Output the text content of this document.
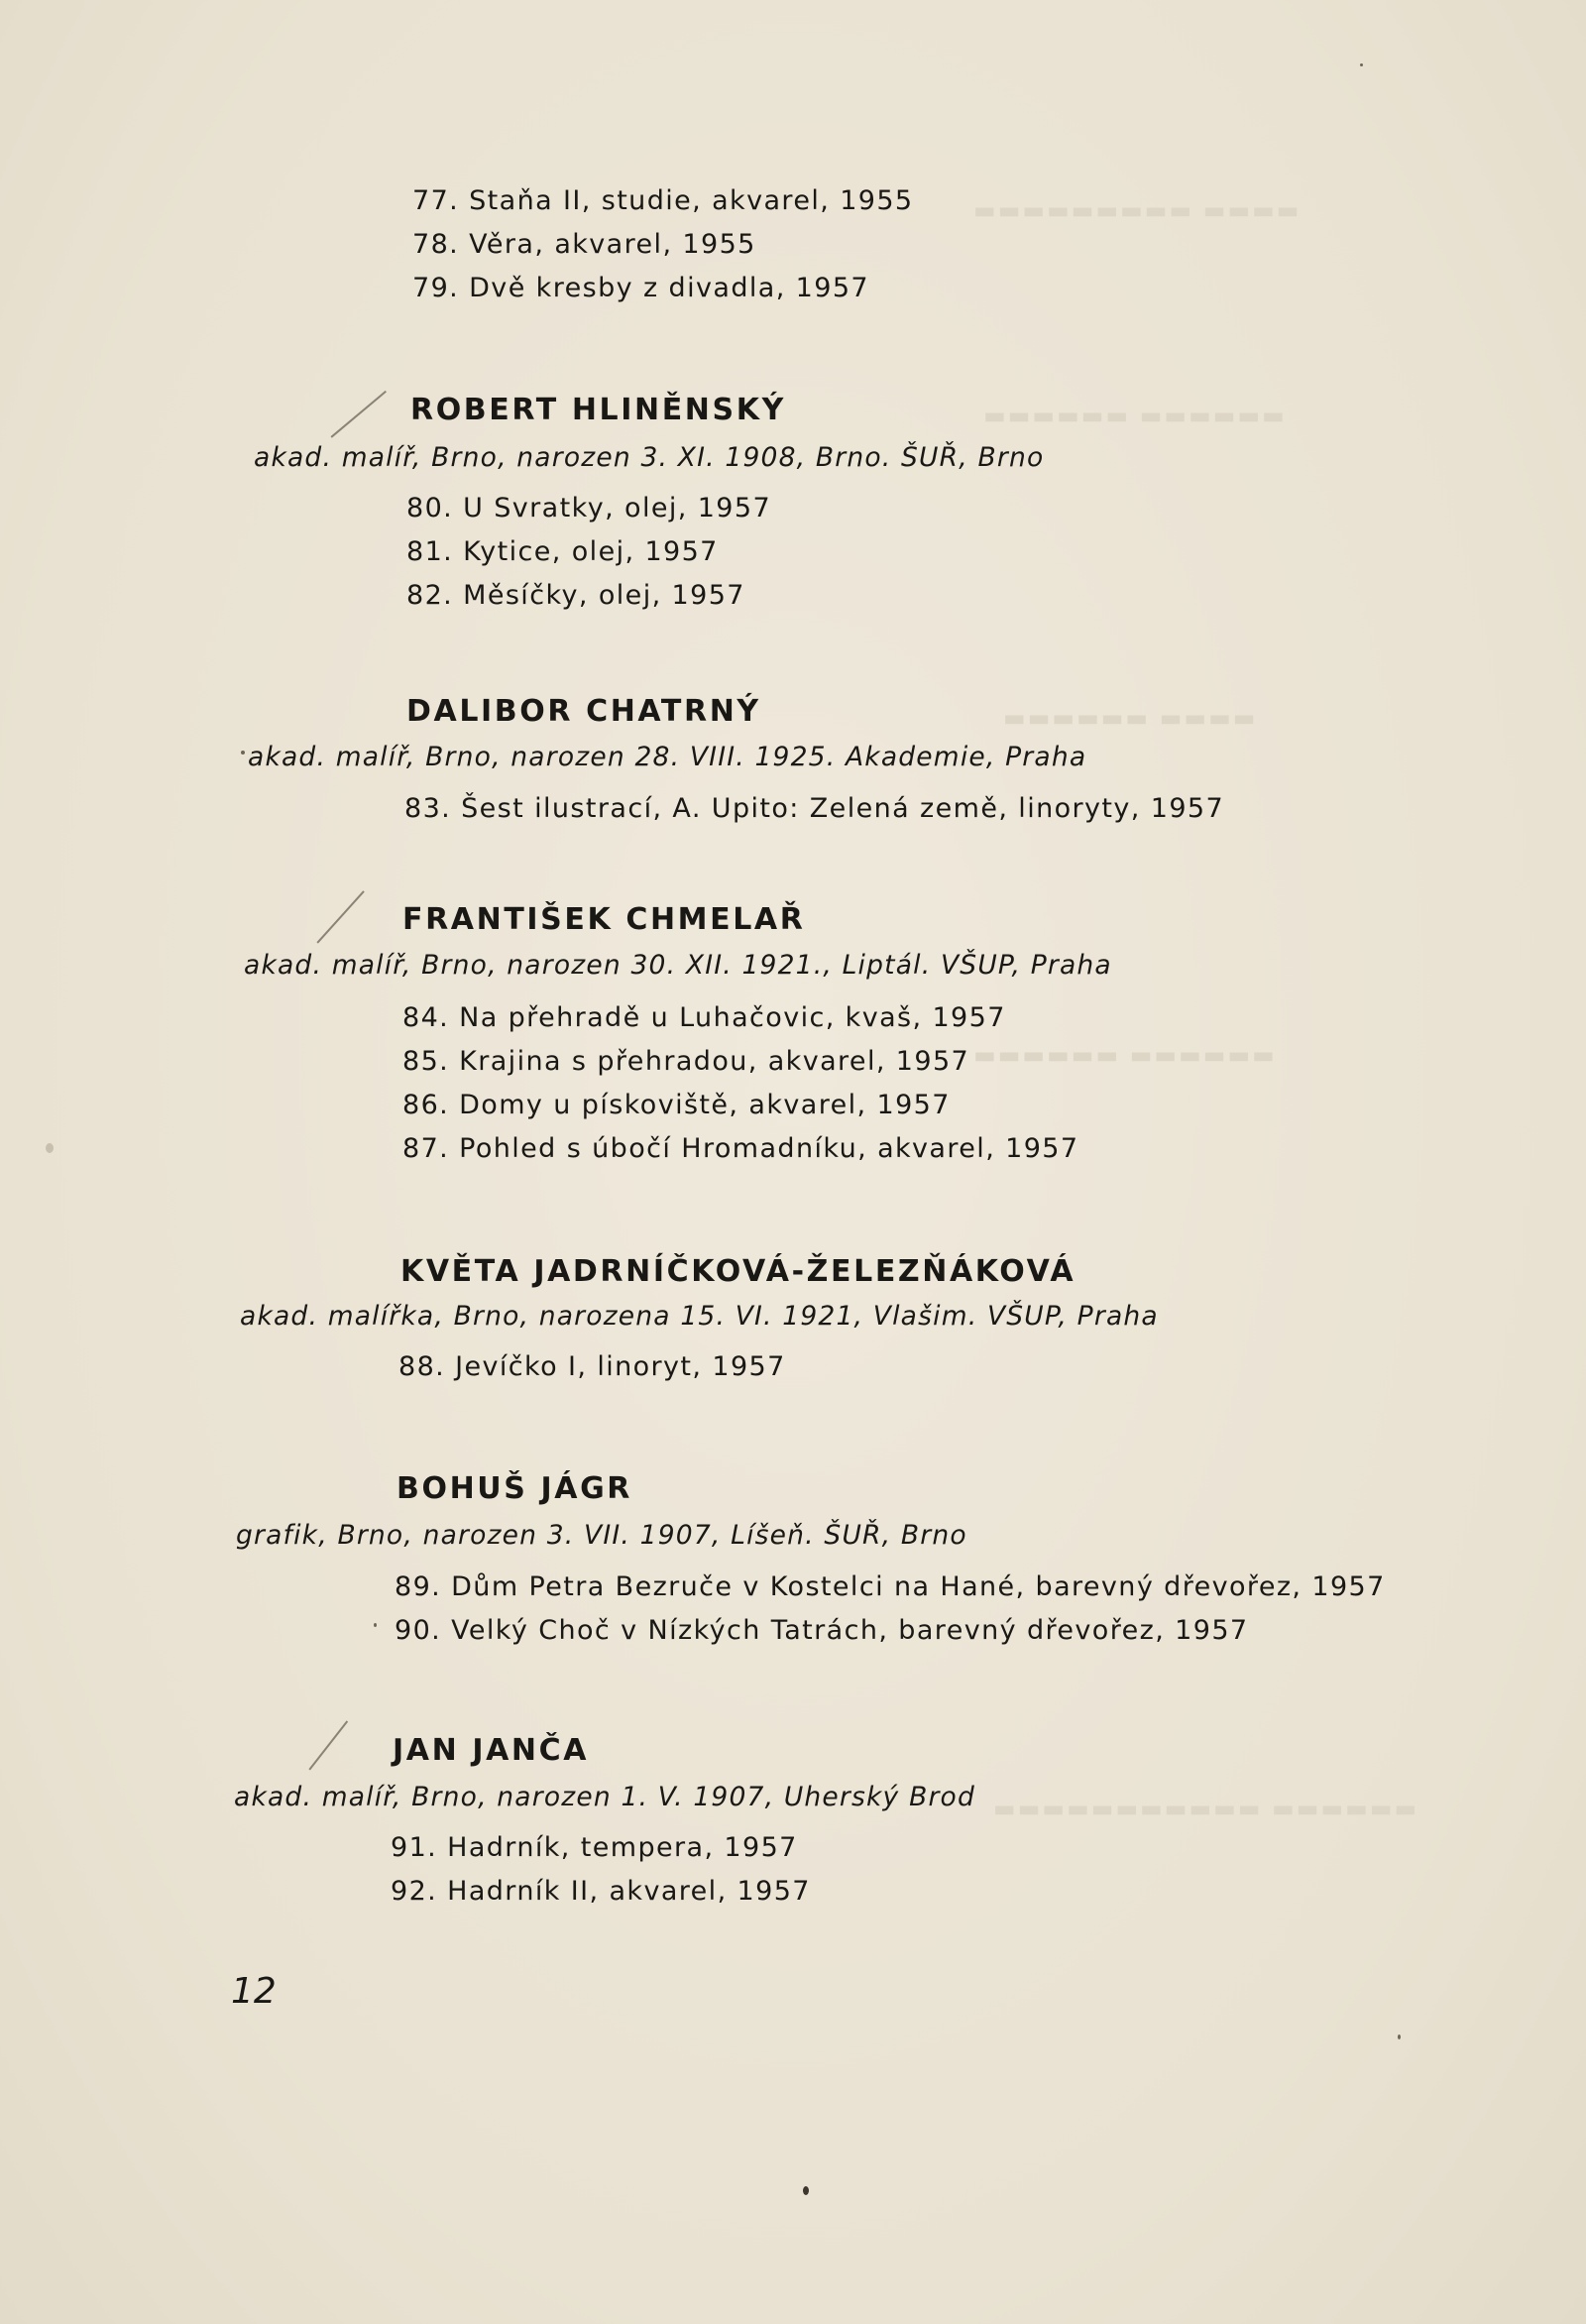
▬▬▬▬ ▬▬▬▬▬▬▬▬▬
▬▬▬▬▬▬ ▬▬▬▬▬▬
▬▬▬▬ ▬▬▬▬▬▬
▬▬▬▬▬▬ ▬▬▬▬▬▬
▬▬▬▬▬▬ ▬▬▬▬▬▬▬▬▬▬▬
77. Staňa II, studie, akvarel, 1955
78. Věra, akvarel, 1955
79. Dvě kresby z divadla, 1957
ROBERT HLINĚNSKÝ
akad. malíř, Brno, narozen 3. XI. 1908, Brno. ŠUŘ, Brno
80. U Svratky, olej, 1957
81. Kytice, olej, 1957
82. Měsíčky, olej, 1957
DALIBOR CHATRNÝ
akad. malíř, Brno, narozen 28. VIII. 1925. Akademie, Praha
83. Šest ilustrací, A. Upito: Zelená země, linoryty, 1957
FRANTIŠEK CHMELAŘ
akad. malíř, Brno, narozen 30. XII. 1921., Liptál. VŠUP, Praha
84. Na přehradě u Luhačovic, kvaš, 1957
85. Krajina s přehradou, akvarel, 1957
86. Domy u pískoviště, akvarel, 1957
87. Pohled s úbočí Hromadníku, akvarel, 1957
KVĚTA JADRNÍČKOVÁ-ŽELEZŇÁKOVÁ
akad. malířka, Brno, narozena 15. VI. 1921, Vlašim. VŠUP, Praha
88. Jevíčko I, linoryt, 1957
BOHUŠ JÁGR
grafik, Brno, narozen 3. VII. 1907, Líšeň. ŠUŘ, Brno
89. Dům Petra Bezruče v Kostelci na Hané, barevný dřevořez, 1957
90. Velký Choč v Nízkých Tatrách, barevný dřevořez, 1957
JAN JANČA
akad. malíř, Brno, narozen 1. V. 1907, Uherský Brod
91. Hadrník, tempera, 1957
92. Hadrník II, akvarel, 1957
12
